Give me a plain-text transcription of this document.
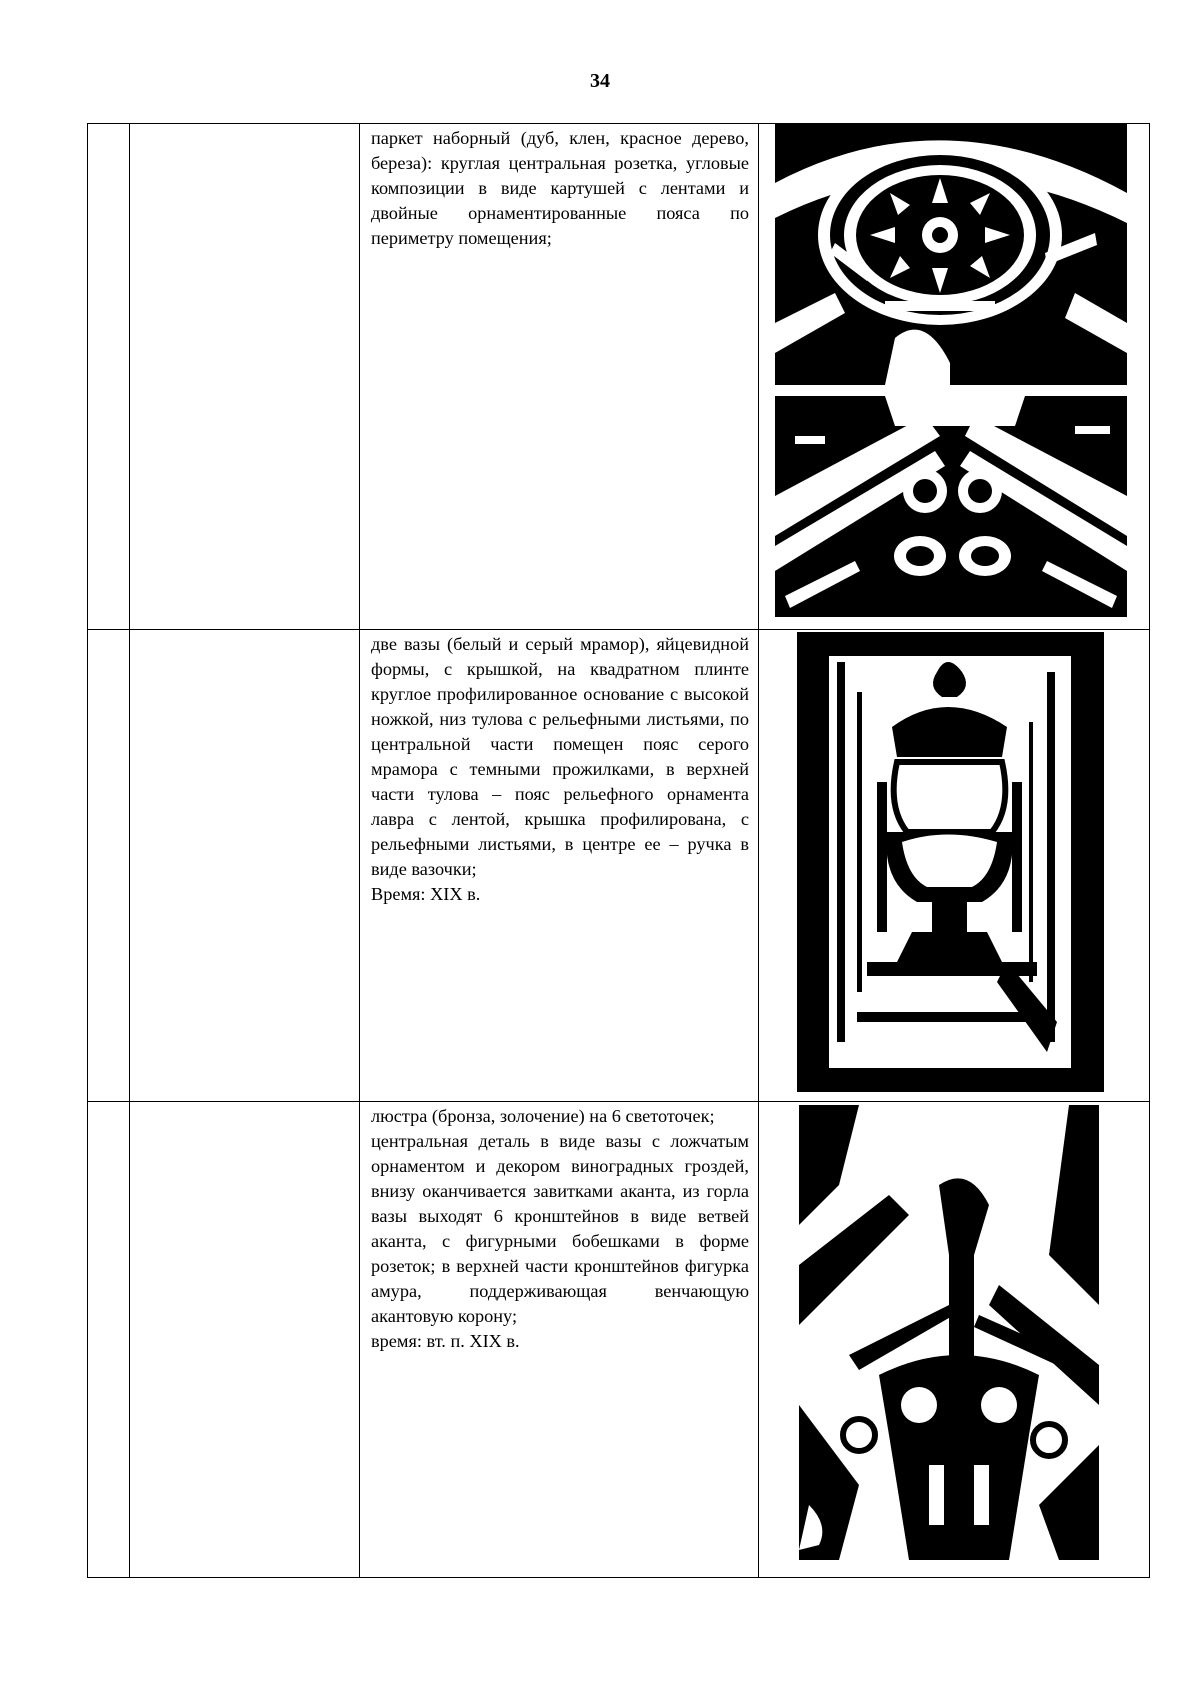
34

		паркет наборный (дуб, клен, красное дерево, береза): круглая центральная розетка, угловые композиции в виде картушей с лентами и двойные орнаментированные пояса по периметру помещения;

		две вазы (белый и серый мрамор), яйцевидной формы, с крышкой, на квадратном плинте круглое профилированное основание с высокой ножкой, низ тулова с рельефными листьями, по центральной части помещен пояс серого мрамора с темными прожилками, в верхней части тулова – пояс рельефного орнамента лавра с лентой, крышка профилирована, с рельефными листьями, в центре ее – ручка в виде вазочки;

Время: XIX в.

		люстра (бронза, золочение) на 6 светоточек;

центральная деталь в виде вазы с ложчатым орнаментом и декором виноградных гроздей, внизу оканчивается завитками аканта, из горла вазы выходят 6 кронштейнов в виде ветвей аканта, с фигурными бобешками в форме розеток; в верхней части кронштейнов фигурка амура, поддерживающая венчающую акантовую корону;

время: вт. п. XIX в.
